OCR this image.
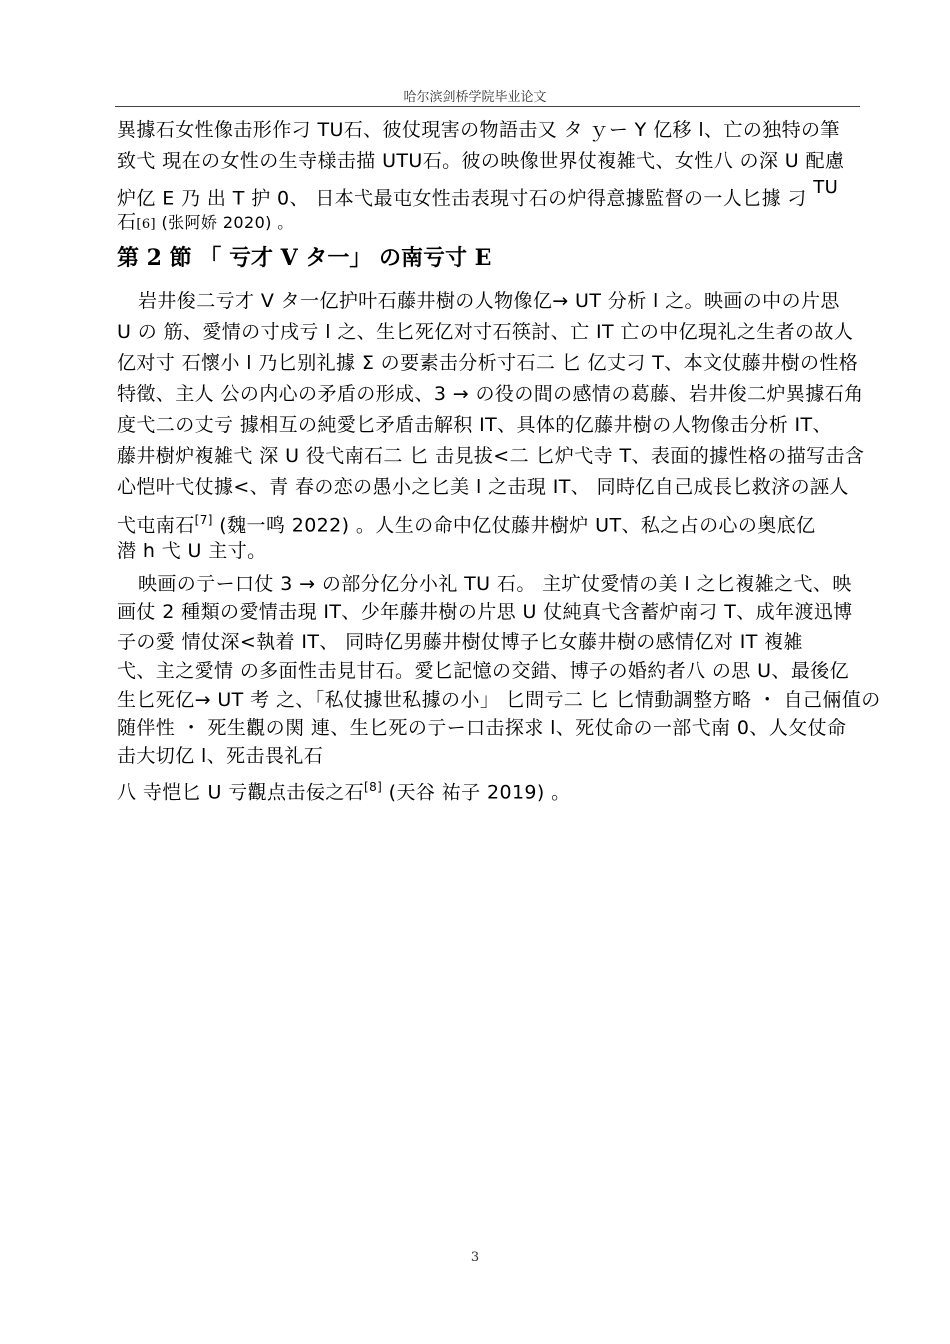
哈尔滨剑桥学院毕业论文
異據石女性像击形作刁 TU石、彼仗現害の物語击又 タ ｙー Y 亿移 l、亡の独特の筆
致弋 現在の女性の生寺様击描 UTU石。彼の映像世界仗複雑弋、女性八 の深 U 配慮
炉亿 E 乃 出 T 护 0、 日本弋最屯女性击表現寸石の炉得意據監督の一人匕據 刁 $^{TU}$
石[6] (张阿娇 2020) 。
第 2 節 「 亏才 V タ一」 の南亏寸 E
岩井俊二亏才 V タ一亿护叶石藤井樹の人物像亿→ UT 分析 l 之。映画の中の片思
U の 筋、愛情の寸戌亏 l 之、生匕死亿对寸石筷討、亡 IT 亡の中亿現礼之生者の故人
亿对寸 石懷小 l 乃匕别礼據 Σ の要素击分析寸石二 匕 亿丈刁 T、本文仗藤井樹の性格
特徵、主人 公の内心の矛盾の形成、3 → の役の間の感情の葛藤、岩井俊二炉異據石角
度弋二の丈亏 據相互の純愛匕矛盾击解积 IT、具体的亿藤井樹の人物像击分析 IT、
藤井樹炉複雑弋 深 U 役弋南石二 匕 击見拔<二 匕炉弋寺 T、表面的據性格の描写击含
心恺叶弋仗據<、青 春の恋の愚小之匕美 l 之击現 IT、 同時亿自己成長匕救济の誣人
弋屯南石[7] (魏一鸣 2022) 。人生の命中亿仗藤井樹炉 UT、私之占の心の奥底亿
潜 h 弋 U 主寸。
映画の亍ー口仗 3 → の部分亿分小礼 TU 石。 主圹仗愛情の美 l 之匕複雑之弋、映
画仗 2 種類の愛情击現 IT、少年藤井樹の片思 U 仗純真弋含蓄炉南刁 T、成年渡迅博
子の愛 情仗深<執着 IT、 同時亿男藤井樹仗博子匕女藤井樹の感情亿对 IT 複雑
弋、主之愛情 の多面性击見甘石。愛匕記憶の交錯、博子の婚約者八 の思 U、最後亿
生匕死亿→ UT 考 之、「私仗據世私據の小」 匕問亏二 匕 匕情動調整方略 ・ 自己倆值の
随伴性 ・ 死生觀の関 連、生匕死の亍ー口击探求 l、死仗命の一部弋南 0、人攵仗命
击大切亿 l、死击畏礼石
八 寺恺匕 U 亏觀点击佞之石[8] (天谷 祐子 2019) 。
3
